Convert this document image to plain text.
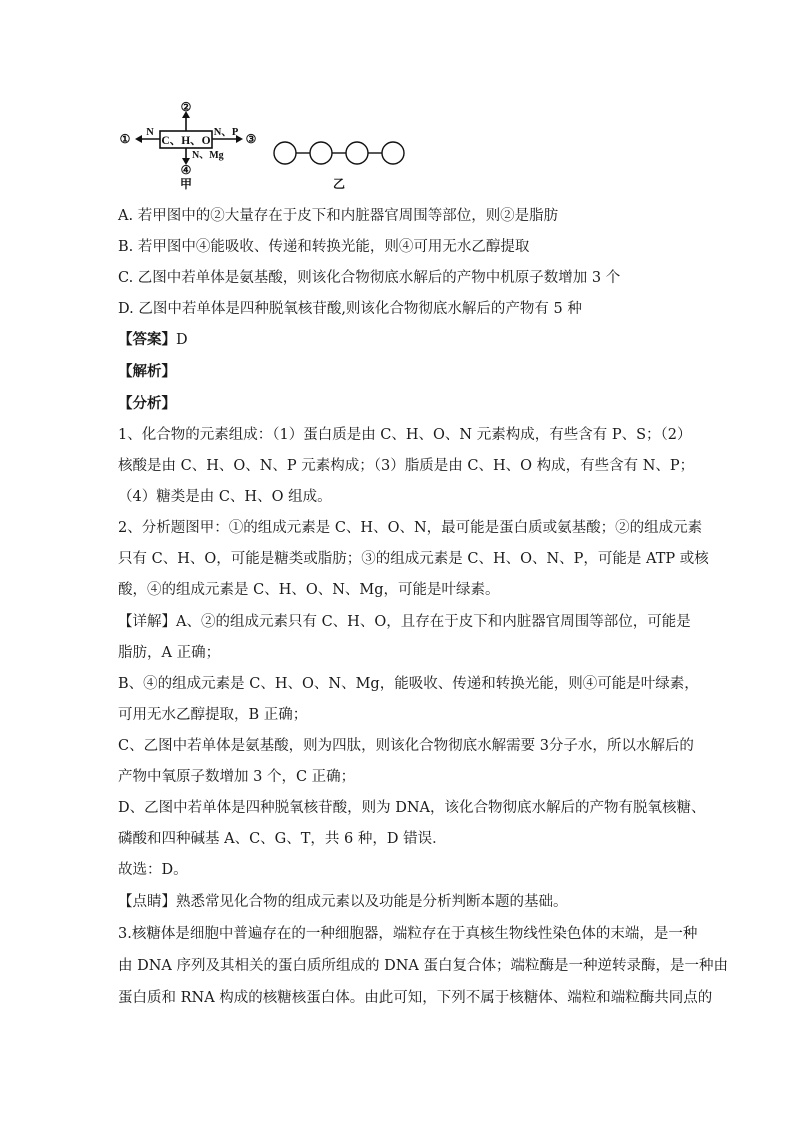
C、H、O
②
N
①	N、P ③
N、Mg
④
甲	乙
A. 若甲图中的②大量存在于皮下和内脏器官周围等部位，则②是脂肪
B. 若甲图中④能吸收、传递和转换光能，则④可用无水乙醇提取
C. 乙图中若单体是氨基酸，则该化合物彻底水解后的产物中机原子数增加 3 个
D. 乙图中若单体是四种脱氧核苷酸,则该化合物彻底水解后的产物有 5 种
【答案】D
【解析】
【分析】
1、化合物的元素组成：（1）蛋白质是由 C、H、O、N 元素构成，有些含有 P、S；（2）
核酸是由 C、H、O、N、P 元素构成；（3）脂质是由 C、H、O 构成，有些含有 N、P；
（4）糖类是由 C、H、O 组成。
2、分析题图甲：①的组成元素是 C、H、O、N，最可能是蛋白质或氨基酸；②的组成元素
只有 C、H、O，可能是糖类或脂肪；③的组成元素是 C、H、O、N、P，可能是 ATP 或核
酸，④的组成元素是 C、H、O、N、Mg，可能是叶绿素。
【详解】A、②的组成元素只有 C、H、O，且存在于皮下和内脏器官周围等部位，可能是
脂肪，A 正确；
B、④的组成元素是 C、H、O、N、Mg，能吸收、传递和转换光能，则④可能是叶绿素，
可用无水乙醇提取，B 正确；
C、乙图中若单体是氨基酸，则为四肽，则该化合物彻底水解需要 3分子水，所以水解后的
产物中氧原子数增加 3 个，C 正确；
D、乙图中若单体是四种脱氧核苷酸，则为 DNA，该化合物彻底水解后的产物有脱氧核糖、
磷酸和四种碱基 A、C、G、T，共 6 种，D 错误．
故选：D。
【点睛】熟悉常见化合物的组成元素以及功能是分析判断本题的基础。
3.核糖体是细胞中普遍存在的一种细胞器，端粒存在于真核生物线性染色体的末端，是一种
由 DNA 序列及其相关的蛋白质所组成的 DNA 蛋白复合体；端粒酶是一种逆转录酶，是一种由
蛋白质和 RNA 构成的核糖核蛋白体。由此可知，下列不属于核糖体、端粒和端粒酶共同点的
